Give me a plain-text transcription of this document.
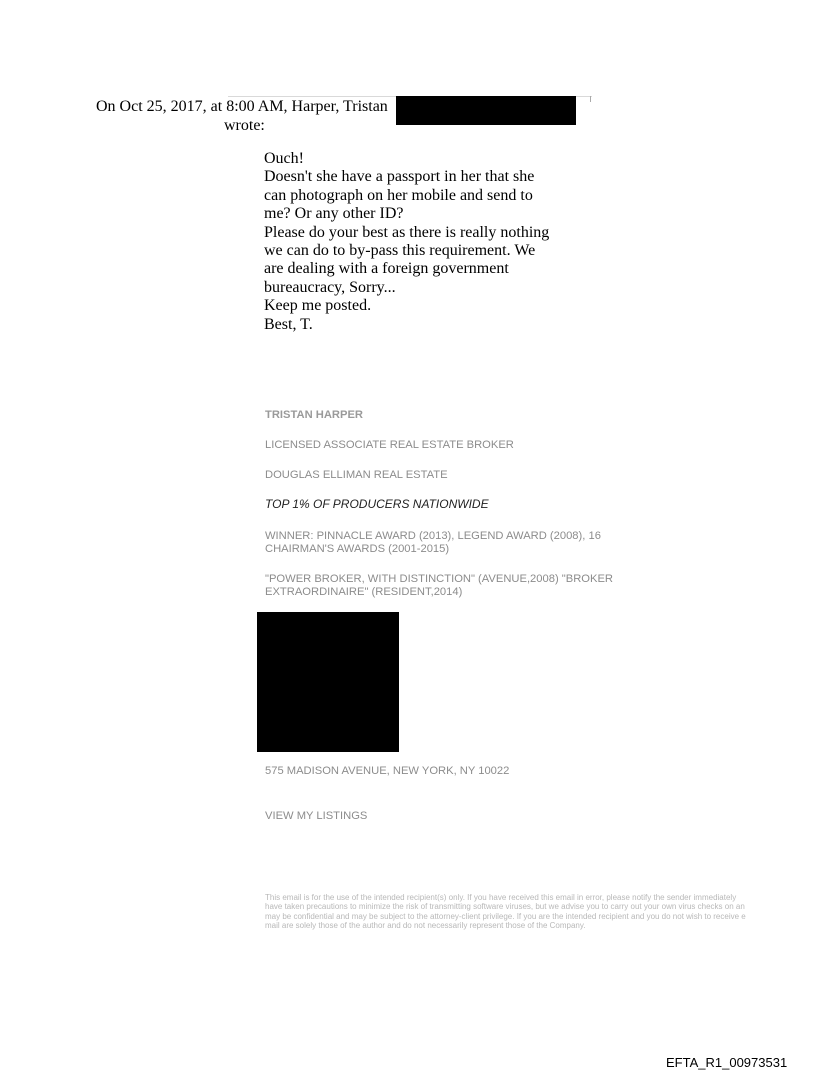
On Oct 25, 2017, at 8:00 AM, Harper, Tristan
wrote:
Ouch!
Doesn't she have a passport in her that she
can photograph on her mobile and send to
me? Or any other ID?
Please do your best as there is really nothing
we can do to by-pass this requirement. We
are dealing with a foreign government
bureaucracy, Sorry...
Keep me posted.
Best, T.
TRISTAN HARPER
LICENSED ASSOCIATE REAL ESTATE BROKER
DOUGLAS ELLIMAN REAL ESTATE
TOP 1% OF PRODUCERS NATIONWIDE
WINNER: PINNACLE AWARD (2013), LEGEND AWARD (2008), 16
CHAIRMAN'S AWARDS (2001-2015)
"POWER BROKER, WITH DISTINCTION" (AVENUE,2008) "BROKER
EXTRAORDINAIRE" (RESIDENT,2014)
575 MADISON AVENUE, NEW YORK, NY 10022
VIEW MY LISTINGS
This email is for the use of the intended recipient(s) only. If you have received this email in error, please notify the sender immediately
have taken precautions to minimize the risk of transmitting software viruses, but we advise you to carry out your own virus checks on an
may be confidential and may be subject to the attorney-client privilege. If you are the intended recipient and you do not wish to receive e
mail are solely those of the author and do not necessarily represent those of the Company.
EFTA_R1_00973531
